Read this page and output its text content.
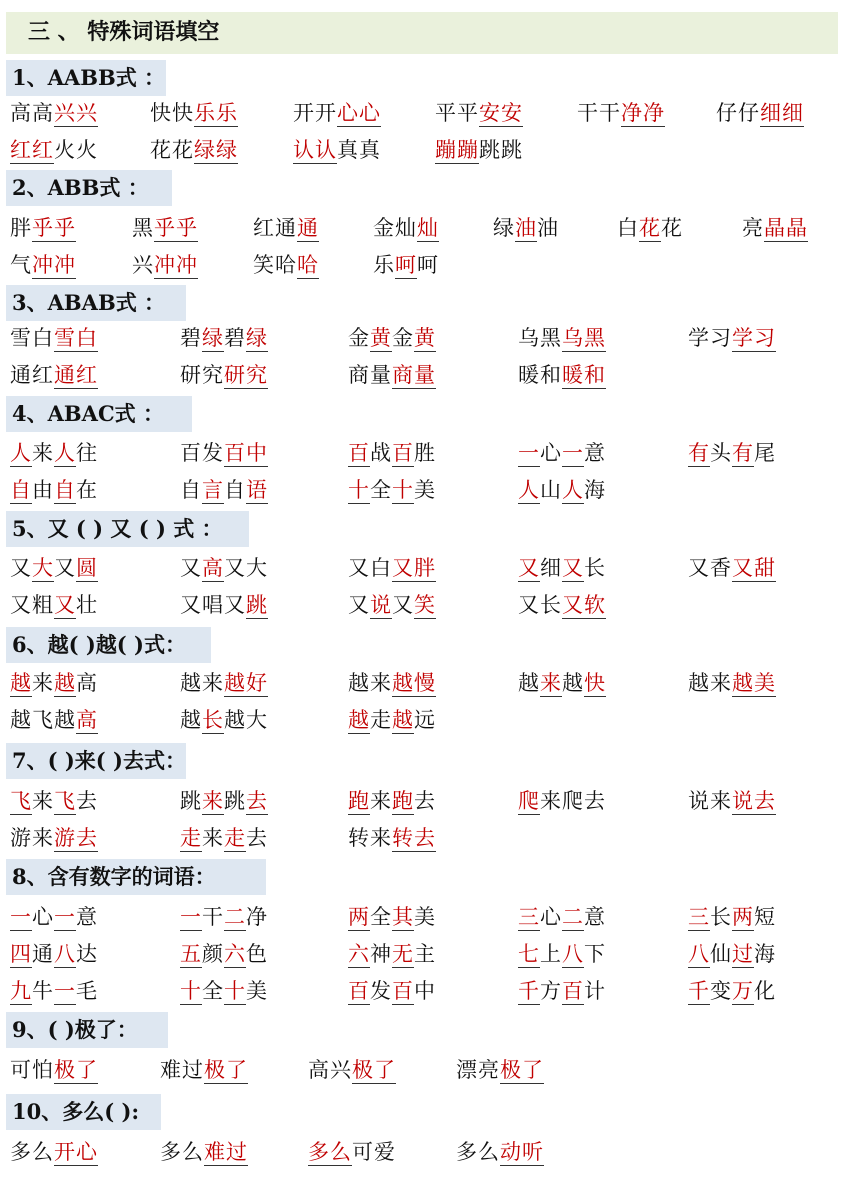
三 、 特殊词语填空
1、AABB式 ：
高高兴兴 快快乐乐	开开心心	平平安安	干干净净 仔仔细细
红红火火 花花绿绿	认认真真	蹦蹦跳跳
2、ABB式 ：
胖乎乎	黑乎乎	红通通	金灿灿	绿油油	白花花	亮晶晶
气冲冲	兴冲冲	笑哈哈	乐呵呵
3、ABAB式 ：
雪白雪白	碧绿碧绿	金黄金黄	乌黑乌黑	学习学习
通红通红	研究研究	商量商量	暖和暖和
4、ABAC式 ：
人来人往	百发百中	百战百胜	一心一意	有头有尾
自由自在	自言自语	十全十美	人山人海
5、又 ( ) 又 ( ) 式 ：
又大又圆	又高又大	又白又胖	又细又长	又香又甜
又粗又壮	又唱又跳	又说又笑	又长又软
6、越( )越( )式：
越来越高	越来越好	越来越慢	越来越快	越来越美
越飞越高	越长越大	越走越远
7、( )来( )去式：
飞来飞去	跳来跳去	跑来跑去	爬来爬去	说来说去
游来游去	走来走去	转来转去
8、含有数字的词语：
一心一意	一干二净	两全其美	三心二意	三长两短
四通八达	五颜六色	六神无主	七上八下	八仙过海
九牛一毛	十全十美	百发百中	千方百计	千变万化
9、( )极了：
可怕极了	难过极了	高兴极了	漂亮极了
10、多么( ):
多么开心	多么难过	多么可爱	多么动听
